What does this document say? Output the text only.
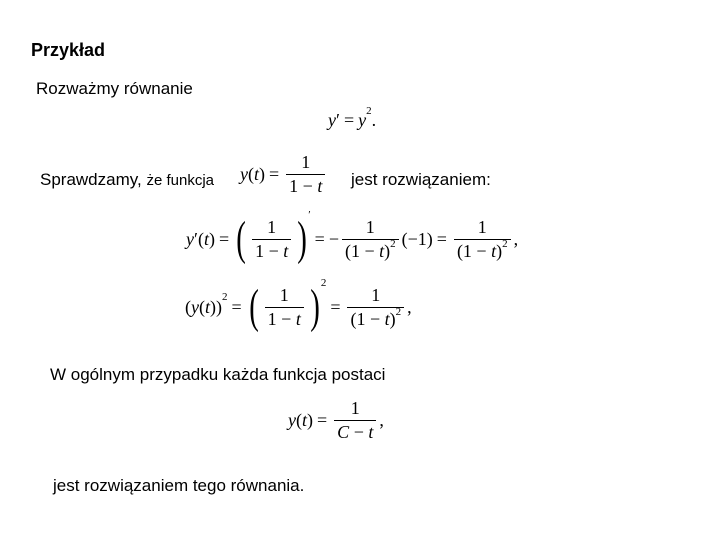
Przykład
Rozważmy równanie
y ′ = y 2 .
Sprawdzamy, że funkcja y ( t ) = $\frac{1}{1 - t}$ jest rozwiązaniem:
y ′( t ) = ( $\frac{1}{1 - t}$ ) ′
= − $\frac{1}{(1 - t)^2} (-1) = \frac{1}{(1 - t)^2}$ ,
( y ( t ) ) 2 = ( $\frac{1}{1 - t}$ ) 2
= $\frac{1}{(1 - t)^2}$ ,
W ogólnym przypadku każda funkcja postaci
y ( t ) = $\frac{1}{C - t}$ ,
jest rozwiązaniem tego równania.
